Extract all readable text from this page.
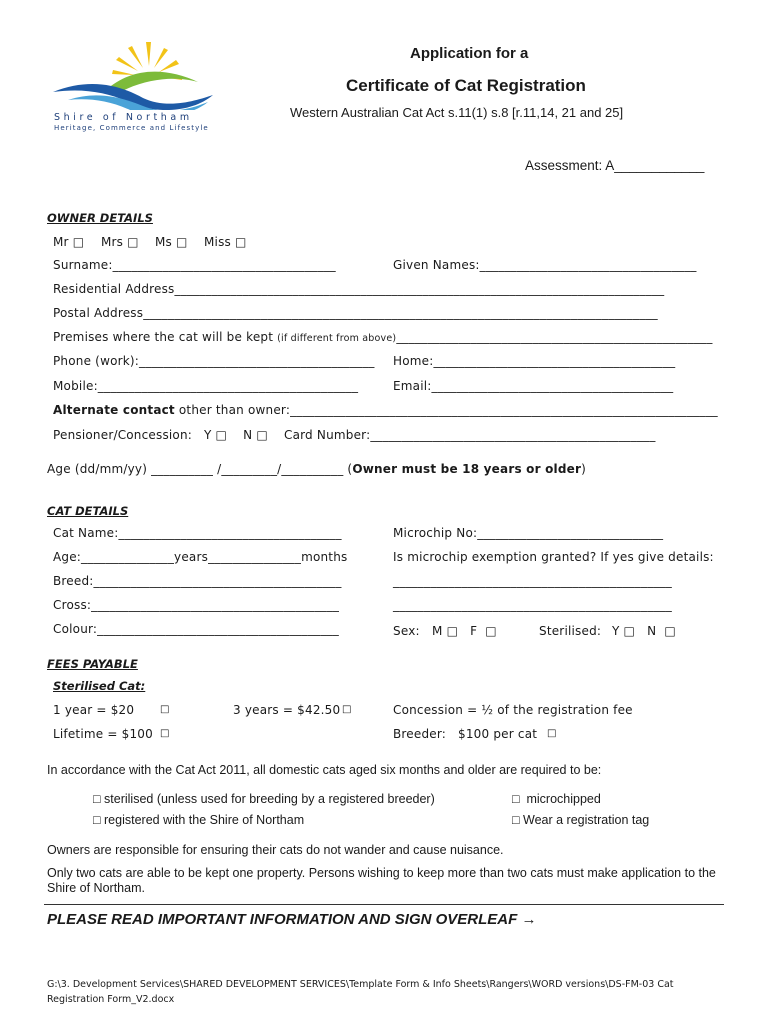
Shire of Northam
Heritage, Commerce and Lifestyle
Application for a
Certificate of Cat Registration
Western Australian Cat Act s.11(1) s.8 [r.11,14, 21 and 25]
Assessment: A____________
OWNER DETAILS
Mr □ Mrs □ Ms □ Miss □
Surname:____________________________________	Given Names:___________________________________
Residential Address_______________________________________________________________________________
Postal Address___________________________________________________________________________________
Premises where the cat will be kept (if different from above)___________________________________________________
Phone (work):______________________________________ Home:_______________________________________
Mobile:__________________________________________	Email:_______________________________________
Alternate contact other than owner:_____________________________________________________________________
Pensioner/Concession: Y □    N □ Card Number:______________________________________________
Age (dd/mm/yy) __________ /_________/__________ (Owner must be 18 years or older)
CAT DETAILS
Cat Name:____________________________________	Microchip No:______________________________
Age:_______________years_______________months	Is microchip exemption granted? If yes give details:
Breed:________________________________________	_____________________________________________
Cross:________________________________________	_____________________________________________
Colour:_______________________________________	Sex: M □   F  □	Sterilised: Y □   N  □
FEES PAYABLE
Sterilised Cat:
1 year = $20	□	3 years = $42.50 □	Concession = ½ of the registration fee
Lifetime = $100 □	Breeder: $100 per cat □
In accordance with the Cat Act 2011, all domestic cats aged six months and older are required to be:
□ sterilised (unless used for breeding by a registered breeder)	□  microchipped
□ registered with the Shire of Northam	□ Wear a registration tag
Owners are responsible for ensuring their cats do not wander and cause nuisance.
Only two cats are able to be kept one property. Persons wishing to keep more than two cats must make application to the Shire of Northam.
PLEASE READ IMPORTANT INFORMATION AND SIGN OVERLEAF →
G:\3. Development Services\SHARED DEVELOPMENT SERVICES\Template Form & Info Sheets\Rangers\WORD versions\DS-FM-03 Cat Registration Form_V2.docx
